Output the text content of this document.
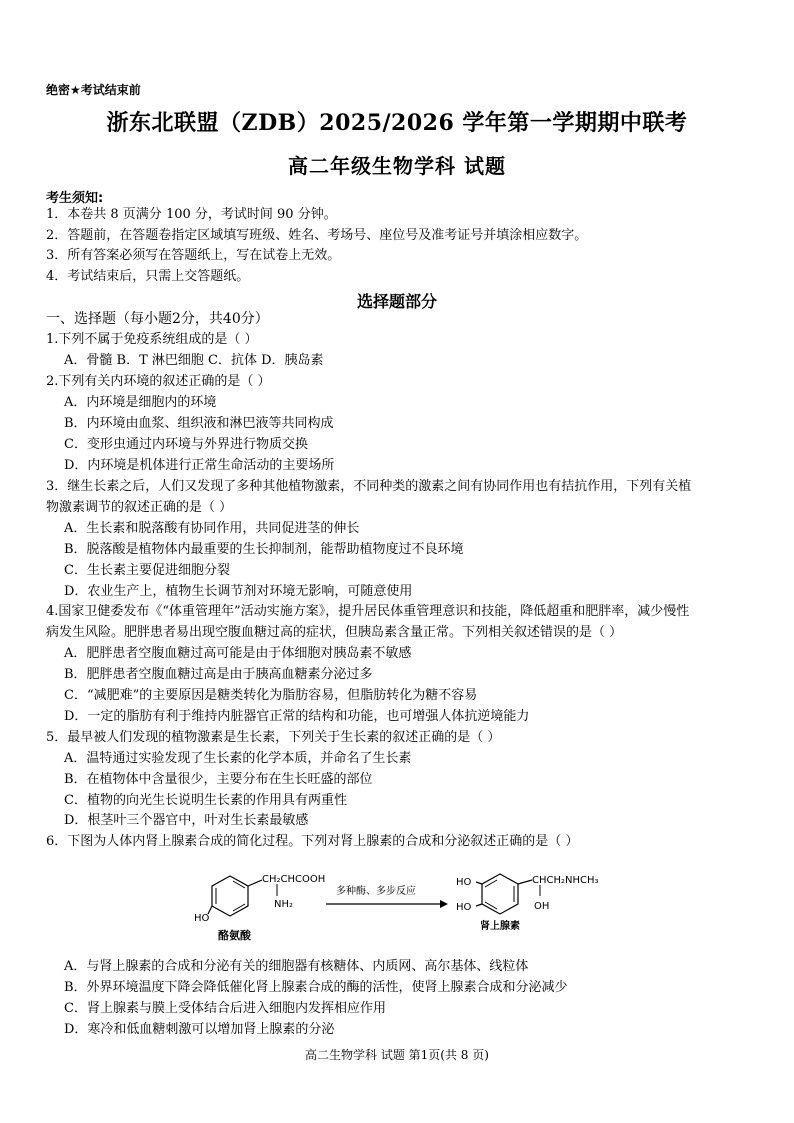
绝密★考试结束前
浙东北联盟（ZDB）2025/2026 学年第一学期期中联考
高二年级生物学科 试题
考生须知:
1．本卷共 8 页满分 100 分，考试时间 90 分钟。
2．答题前，在答题卷指定区域填写班级、姓名、考场号、座位号及准考证号并填涂相应数字。
3．所有答案必须写在答题纸上，写在试卷上无效。
4．考试结束后，只需上交答题纸。
选择题部分
一、选择题（每小题2分，共40分）
1.下列不属于免疫系统组成的是（ ）
A．骨髓 B．T 淋巴细胞 C．抗体 D．胰岛素
2.下列有关内环境的叙述正确的是（ ）
A．内环境是细胞内的环境
B．内环境由血浆、组织液和淋巴液等共同构成
C．变形虫通过内环境与外界进行物质交换
D．内环境是机体进行正常生命活动的主要场所
3．继生长素之后，人们又发现了多种其他植物激素，不同种类的激素之间有协同作用也有拮抗作用，下列有关植
物激素调节的叙述正确的是（ ）
A．生长素和脱落酸有协同作用，共同促进茎的伸长
B．脱落酸是植物体内最重要的生长抑制剂，能帮助植物度过不良环境
C．生长素主要促进细胞分裂
D．农业生产上，植物生长调节剂对环境无影响，可随意使用
4.国家卫健委发布《“体重管理年”活动实施方案》，提升居民体重管理意识和技能，降低超重和肥胖率，减少慢性
病发生风险。肥胖患者易出现空腹血糖过高的症状，但胰岛素含量正常。下列相关叙述错误的是（ ）
A．肥胖患者空腹血糖过高可能是由于体细胞对胰岛素不敏感
B．肥胖患者空腹血糖过高是由于胰高血糖素分泌过多
C．“减肥难”的主要原因是糖类转化为脂肪容易，但脂肪转化为糖不容易
D．一定的脂肪有利于维持内脏器官正常的结构和功能，也可增强人体抗逆境能力
5．最早被人们发现的植物激素是生长素，下列关于生长素的叙述正确的是（ ）
A．温特通过实验发现了生长素的化学本质，并命名了生长素
B．在植物体中含量很少，主要分布在生长旺盛的部位
C．植物的向光生长说明生长素的作用具有两重性
D．根茎叶三个器官中，叶对生长素最敏感
6．下图为人体内肾上腺素合成的简化过程。下列对肾上腺素的合成和分泌叙述正确的是（ ）
CH₂CHCOOH
NH₂
HO
酪氨酸
多种酶、多步反应
CHCH₂NHCH₃
OH
HO
HO
肾上腺素
A．与肾上腺素的合成和分泌有关的细胞器有核糖体、内质网、高尔基体、线粒体
B．外界环境温度下降会降低催化肾上腺素合成的酶的活性，使肾上腺素合成和分泌减少
C．肾上腺素与膜上受体结合后进入细胞内发挥相应作用
D．寒冷和低血糖刺激可以增加肾上腺素的分泌
高二生物学科 试题 第1页(共 8 页)
